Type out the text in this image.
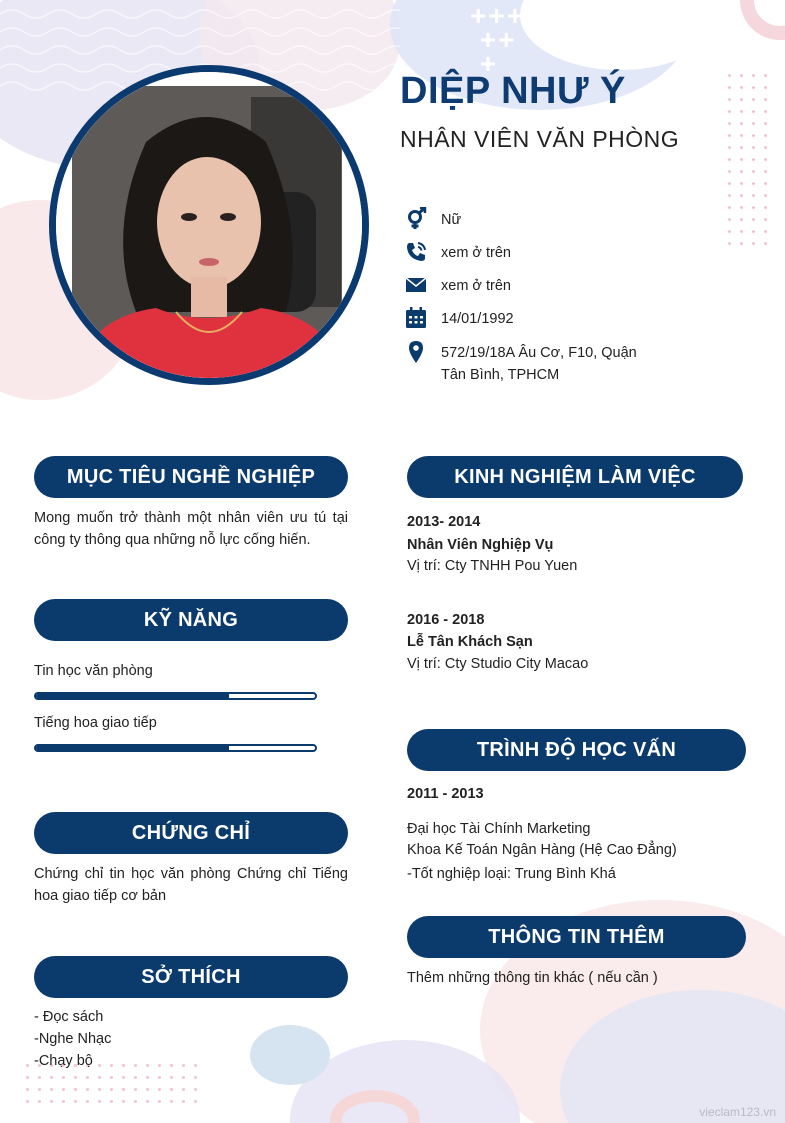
+++
++
+
DIỆP NHƯ Ý
NHÂN VIÊN VĂN PHÒNG
Nữ
xem ở trên
xem ở trên
14/01/1992
572/19/18A Âu Cơ, F10, Quận
Tân Bình, TPHCM
MỤC TIÊU NGHỀ NGHIỆP
Mong muốn trở thành một nhân viên ưu tú tại công ty thông qua những nỗ lực cống hiến.
KỸ NĂNG
Tin học văn phòng
Tiếng hoa giao tiếp
CHỨNG CHỈ
Chứng chỉ tin học văn phòng Chứng chỉ Tiếng hoa giao tiếp cơ bản
SỞ THÍCH
- Đọc sách
-Nghe Nhạc
-Chạy bộ
KINH NGHIỆM LÀM VIỆC
2013- 2014
Nhân Viên Nghiệp Vụ
Vị trí: Cty TNHH Pou Yuen
2016 - 2018
Lễ Tân Khách Sạn
Vị trí: Cty Studio City Macao
TRÌNH ĐỘ HỌC VẤN
2011 - 2013
Đại học Tài Chính Marketing
Khoa Kế Toán Ngân Hàng (Hệ Cao Đẳng)
-Tốt nghiệp loại: Trung Bình Khá
THÔNG TIN THÊM
Thêm những thông tin khác ( nếu cần )
vieclam123.vn
